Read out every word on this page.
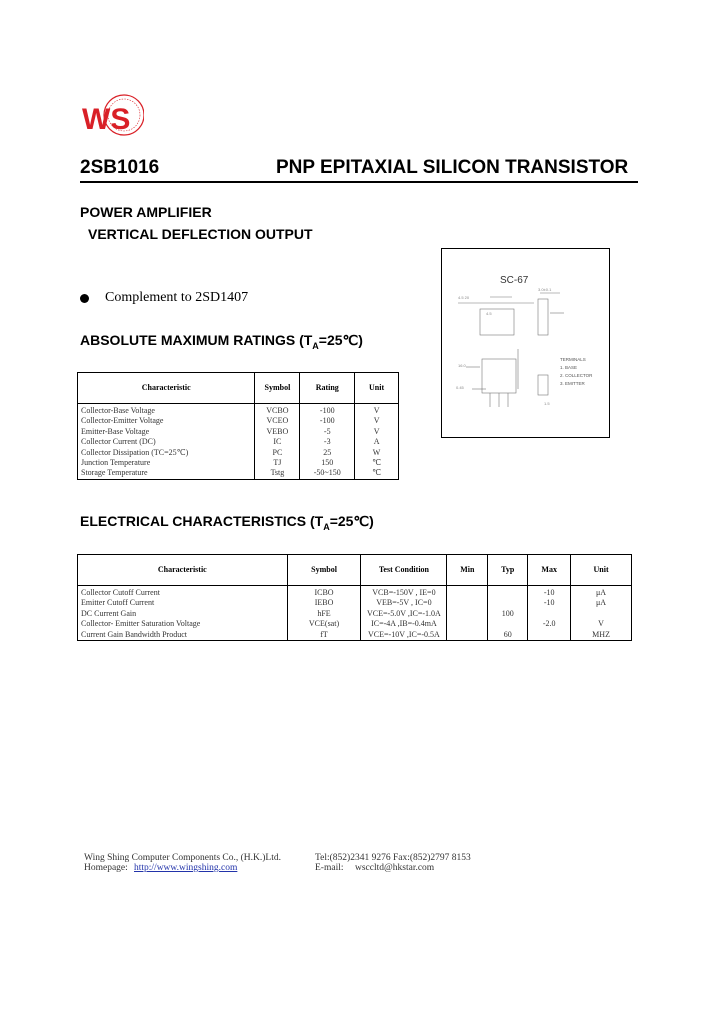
WS
2SB1016	PNP EPITAXIAL SILICON TRANSISTOR
POWER AMPLIFIER
VERTICAL DEFLECTION OUTPUT
Complement to 2SD1407
SC-67
4.5 20
3.0±0.1
4.5
16.0
0.45
1.5
TERMINALS
1. BASE
2. COLLECTOR
3. EMITTER
ABSOLUTE MAXIMUM RATINGS $(T_A=25℃)$
Characteristic	Symbol	Rating	Unit
Collector-Base Voltage	VCBO	-100	V
Collector-Emitter Voltage	VCEO	-100	V
Emitter-Base Voltage	VEBO	-5	V
Collector Current (DC)	IC	-3	A
Collector Dissipation (TC=25℃)	PC	25	W
Junction Temperature	TJ	150	℃
Storage Temperature	Tstg	-50~150	℃
ELECTRICAL CHARACTERISTICS $(T_A=25℃)$
Characteristic	Symbol	Test Condition	Min	Typ	Max	Unit
Collector Cutoff Current	ICBO	VCB=-150V , IE=0			-10	μA
Emitter Cutoff Current	IEBO	VEB=-5V , IC=0			-10	μA
DC Current Gain	hFE	VCE=-5.0V ,IC=-1.0A		100		
Collector- Emitter Saturation Voltage	VCE(sat)	IC=-4A ,IB=-0.4mA			-2.0	V
Current Gain Bandwidth Product	fT	VCE=-10V ,IC=-0.5A		60		MHZ
Wing Shing Computer Components Co., (H.K.)Ltd.
Homepage: http://www.wingshing.com
Tel:(852)2341 9276 Fax:(852)2797 8153
E-mail: wsccltd@hkstar.com
